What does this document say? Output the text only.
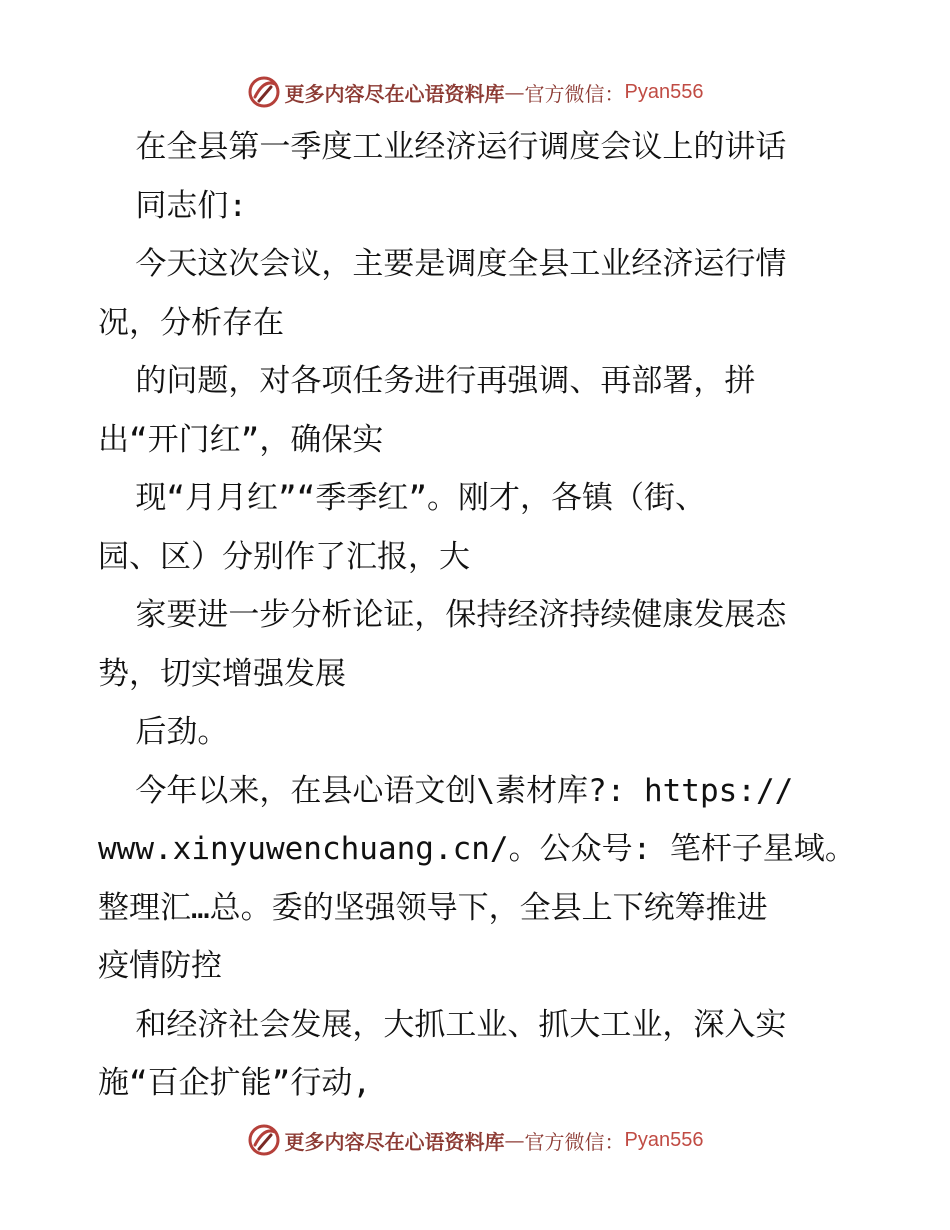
更多内容尽在心语资料库 — 官方微信： Pyan556
在全县第一季度工业经济运行调度会议上的讲话
同志们:
今天这次会议，主要是调度全县工业经济运行情
况，分析存在
的问题，对各项任务进行再强调、再部署，拼
出“开门红”，确保实
现“月月红”“季季红”。刚才，各镇（街、
园、区）分别作了汇报，大
家要进一步分析论证，保持经济持续健康发展态
势，切实增强发展
后劲。
今年以来，在县心语文创\素材库?: https://
www.xinyuwenchuang.cn/。公众号: 笔杆子星域。
整理汇…总。委的坚强领导下，全县上下统筹推进
疫情防控
和经济社会发展，大抓工业、抓大工业，深入实
施“百企扩能”行动,
更多内容尽在心语资料库 — 官方微信： Pyan556
